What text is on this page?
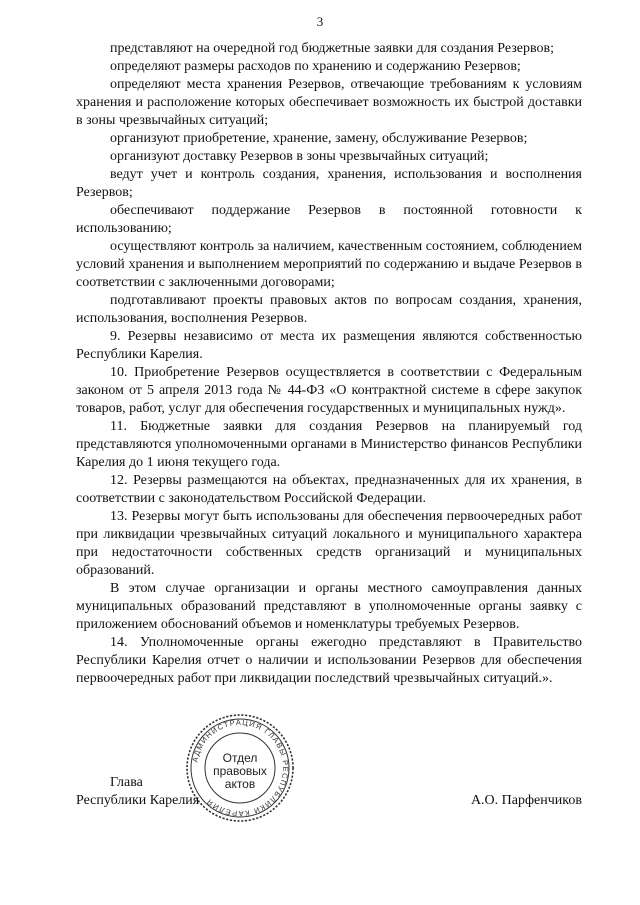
3

представляют на очередной год бюджетные заявки для создания Резервов;

определяют размеры расходов по хранению и содержанию Резервов;

определяют места хранения Резервов, отвечающие требованиям к условиям хранения и расположение которых обеспечивает возможность их быстрой доставки в зоны чрезвычайных ситуаций;

организуют приобретение, хранение, замену, обслуживание Резервов;

организуют доставку Резервов в зоны чрезвычайных ситуаций;

ведут учет и контроль создания, хранения, использования и восполнения Резервов;

обеспечивают поддержание Резервов в постоянной готовности к использованию;

осуществляют контроль за наличием, качественным состоянием, соблюдением условий хранения и выполнением мероприятий по содержанию и выдаче Резервов в соответствии с заключенными договорами;

подготавливают проекты правовых актов по вопросам создания, хранения, использования, восполнения Резервов.

9. Резервы независимо от места их размещения являются собственностью Республики Карелия.

10. Приобретение Резервов осуществляется в соответствии с Федеральным законом от 5 апреля 2013 года № 44-ФЗ «О контрактной системе в сфере закупок товаров, работ, услуг для обеспечения государственных и муниципальных нужд».

11. Бюджетные заявки для создания Резервов на планируемый год представляются уполномоченными органами в Министерство финансов Республики Карелия до 1 июня текущего года.

12. Резервы размещаются на объектах, предназначенных для их хранения, в соответствии с законодательством Российской Федерации.

13. Резервы могут быть использованы для обеспечения первоочередных работ при ликвидации чрезвычайных ситуаций локального и муниципального характера при недостаточности собственных средств организаций и муниципальных образований.

В этом случае организации и органы местного самоуправления данных муниципальных образований представляют в уполномоченные органы заявку с приложением обоснований объемов и номенклатуры требуемых Резервов.

14. Уполномоченные органы ежегодно представляют в Правительство Республики Карелия отчет о наличии и использовании Резервов для обеспечения первоочередных работ при ликвидации последствий чрезвычайных ситуаций.».

Глава
Республики Карелия	А.О. Парфенчиков
АДМИНИСТРАЦИЯ ГЛАВЫ РЕСПУБЛИКИ КАРЕЛИЯ
Отдел
правовых
актов
